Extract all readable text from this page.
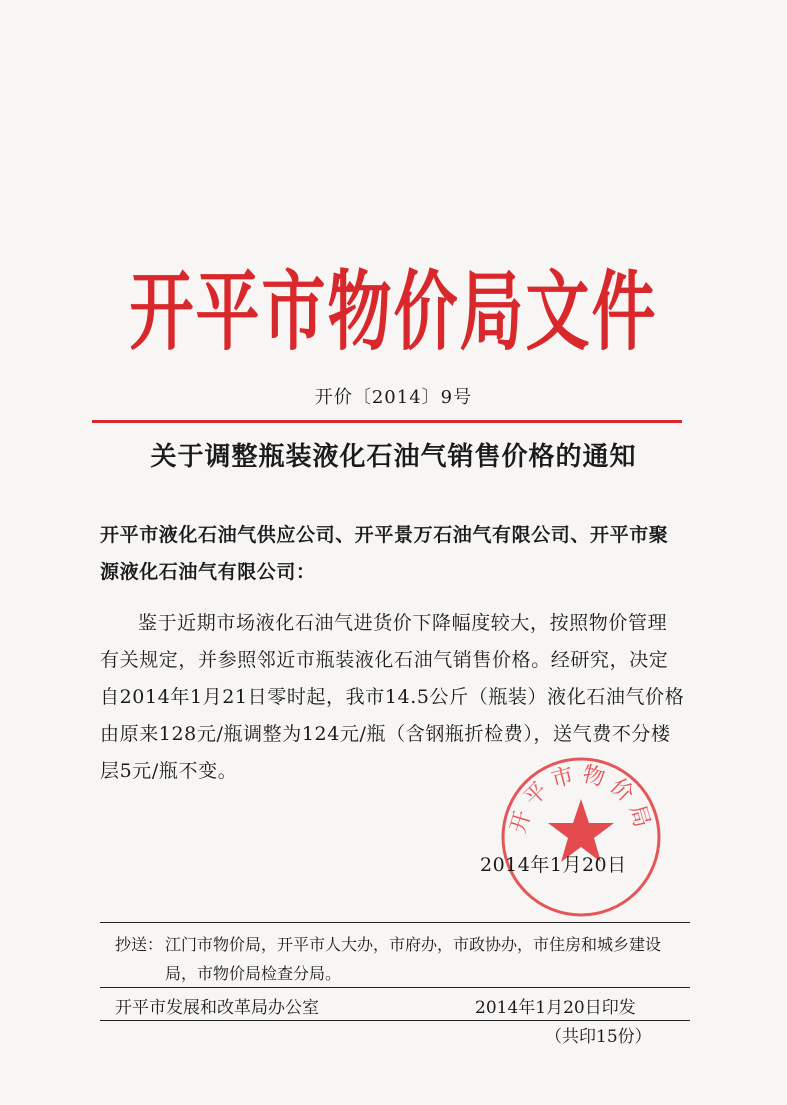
开平市物价局文件
开价〔2014〕9号
关于调整瓶装液化石油气销售价格的通知
开平市液化石油气供应公司、开平景万石油气有限公司、开平市聚源液化石油气有限公司：
鉴于近期市场液化石油气进货价下降幅度较大，按照物价管理有关规定，并参照邻近市瓶装液化石油气销售价格。经研究，决定自2014年1月21日零时起，我市14.5公斤（瓶装）液化石油气价格由原来128元/瓶调整为124元/瓶（含钢瓶折检费），送气费不分楼层5元/瓶不变。
开平市物价局
2014年1月20日
抄送： 江门市物价局，开平市人大办，市府办，市政协办，市住房和城乡建设局，市物价局检查分局。
开平市发展和改革局办公室	2014年1月20日印发
（共印15份）
